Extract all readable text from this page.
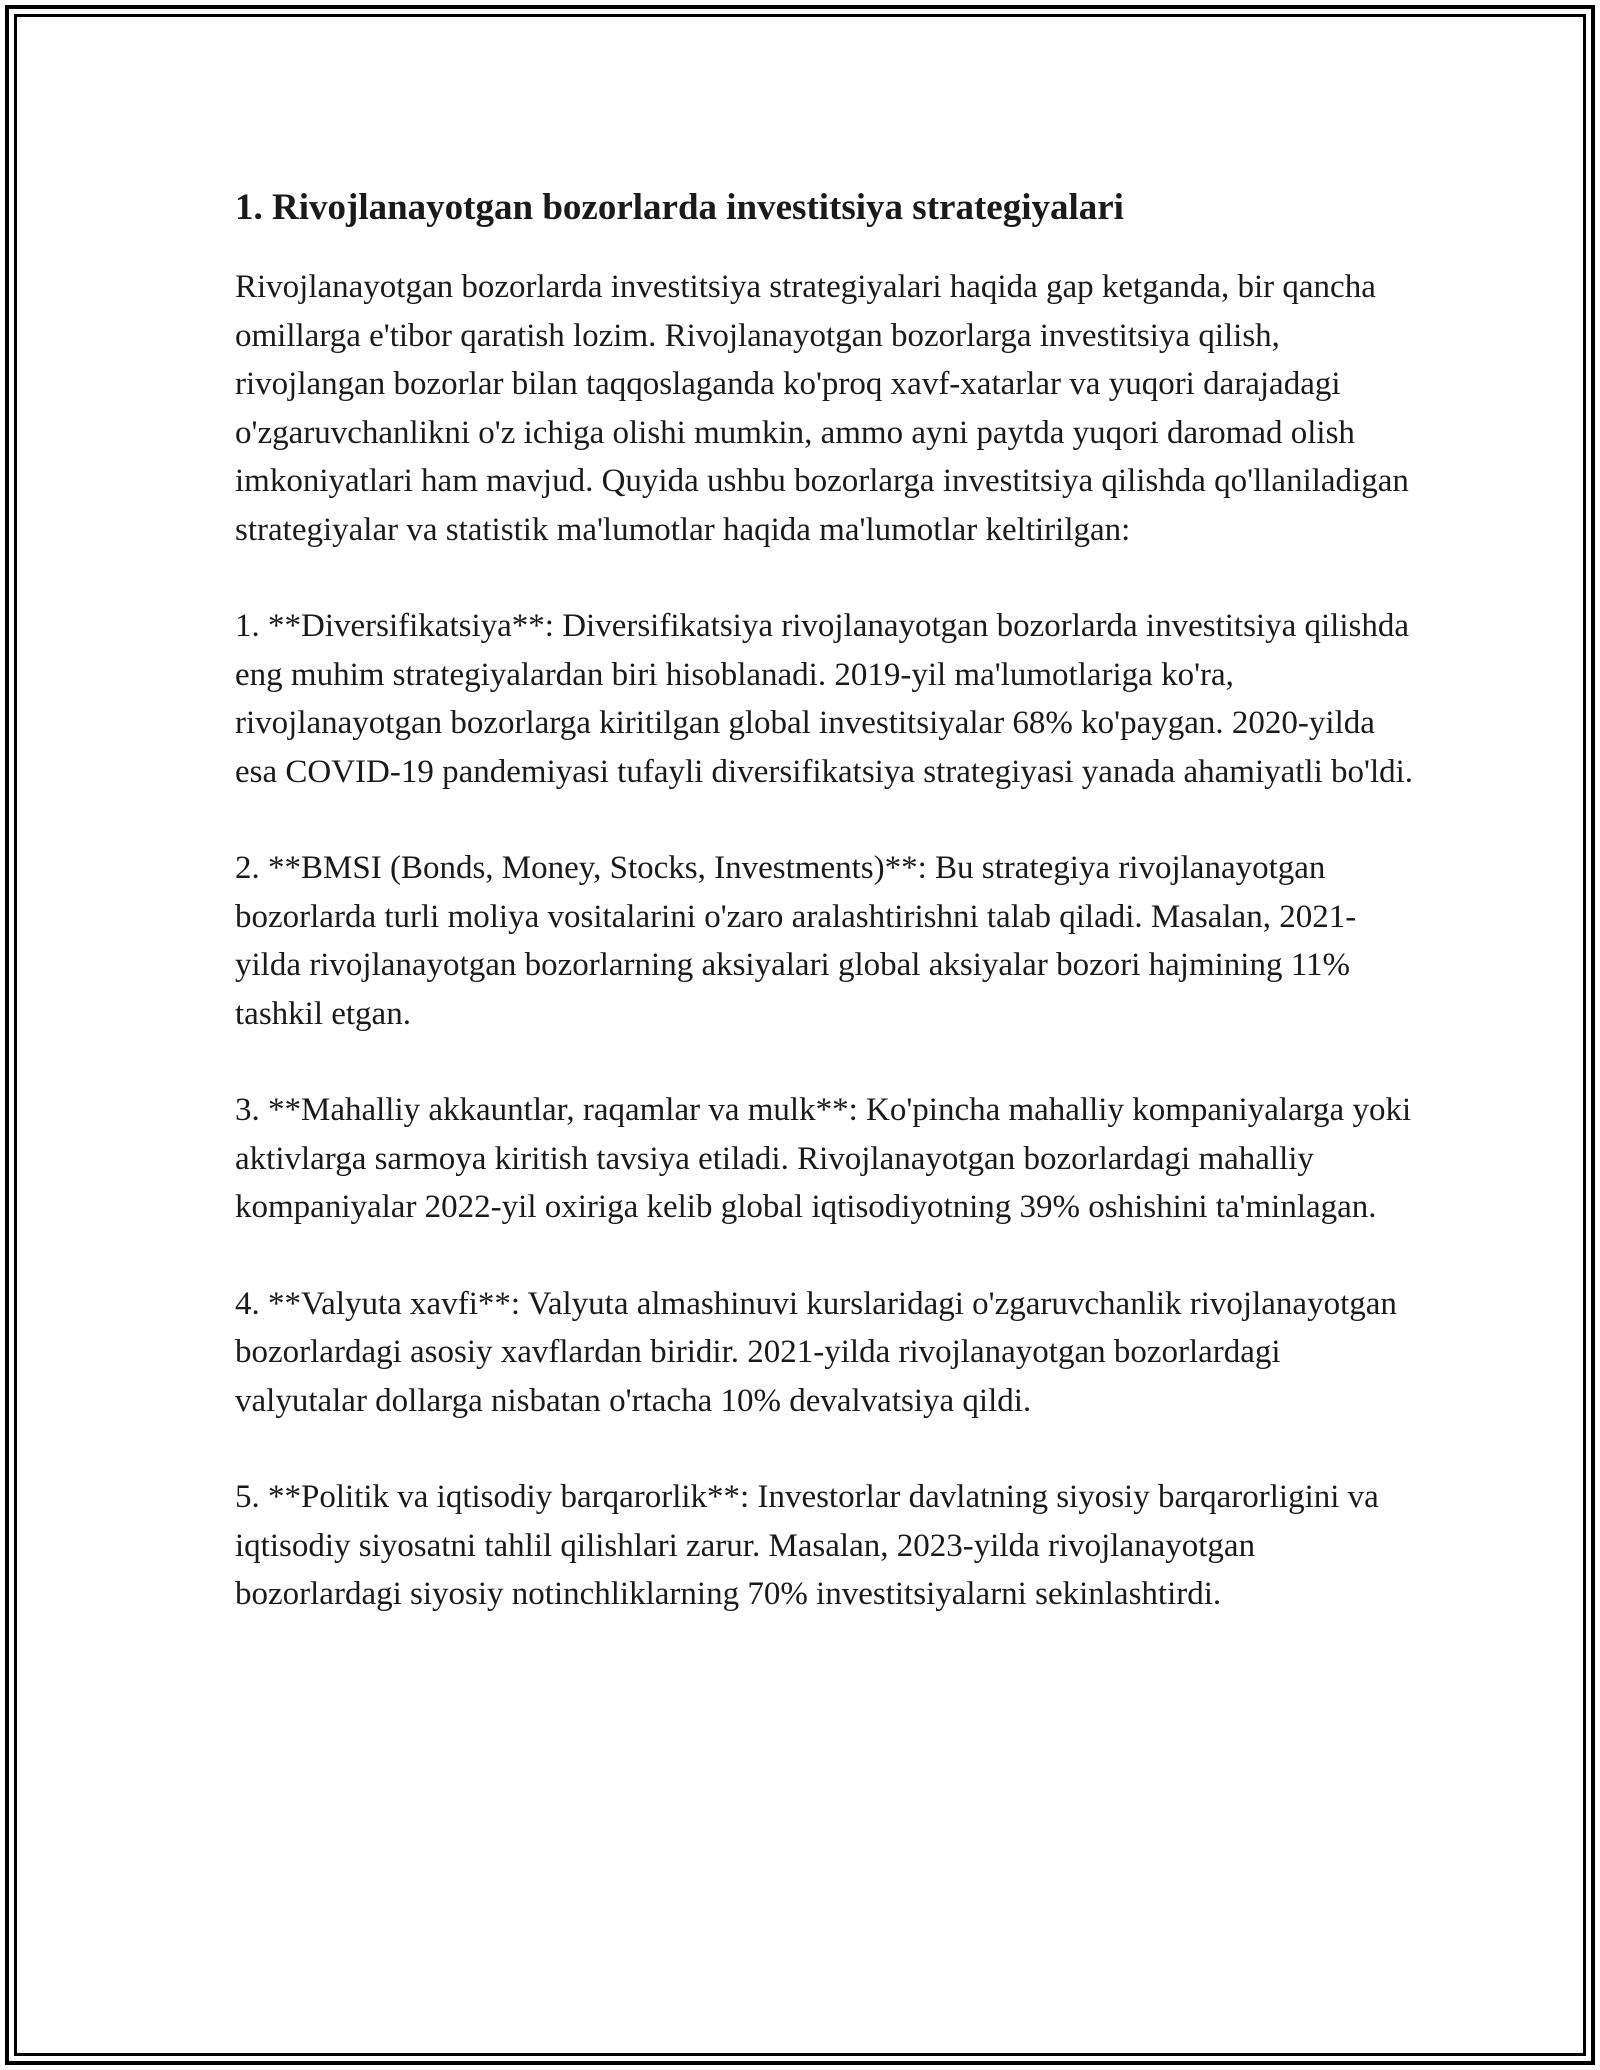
1. Rivojlanayotgan bozorlarda investitsiya strategiyalari

Rivojlanayotgan bozorlarda investitsiya strategiyalari haqida gap ketganda, bir qancha omillarga e'tibor qaratish lozim. Rivojlanayotgan bozorlarga investitsiya qilish, rivojlangan bozorlar bilan taqqoslaganda ko'proq xavf-xatarlar va yuqori darajadagi o'zgaruvchanlikni o'z ichiga olishi mumkin, ammo ayni paytda yuqori daromad olish imkoniyatlari ham mavjud. Quyida ushbu bozorlarga investitsiya qilishda qo'llaniladigan strategiyalar va statistik ma'lumotlar haqida ma'lumotlar keltirilgan:

1. **Diversifikatsiya**: Diversifikatsiya rivojlanayotgan bozorlarda investitsiya qilishda eng muhim strategiyalardan biri hisoblanadi. 2019-yil ma'lumotlariga ko'ra, rivojlanayotgan bozorlarga kiritilgan global investitsiyalar 68% ko'paygan. 2020-yilda esa COVID-19 pandemiyasi tufayli diversifikatsiya strategiyasi yanada ahamiyatli bo'ldi.

2. **BMSI (Bonds, Money, Stocks, Investments)**: Bu strategiya rivojlanayotgan bozorlarda turli moliya vositalarini o'zaro aralashtirishni talab qiladi. Masalan, 2021-yilda rivojlanayotgan bozorlarning aksiyalari global aksiyalar bozori hajmining 11% tashkil etgan.

3. **Mahalliy akkauntlar, raqamlar va mulk**: Ko'pincha mahalliy kompaniyalarga yoki aktivlarga sarmoya kiritish tavsiya etiladi. Rivojlanayotgan bozorlardagi mahalliy kompaniyalar 2022-yil oxiriga kelib global iqtisodiyotning 39% oshishini ta'minlagan.

4. **Valyuta xavfi**: Valyuta almashinuvi kurslaridagi o'zgaruvchanlik rivojlanayotgan bozorlardagi asosiy xavflardan biridir. 2021-yilda rivojlanayotgan bozorlardagi valyutalar dollarga nisbatan o'rtacha 10% devalvatsiya qildi.

5. **Politik va iqtisodiy barqarorlik**: Investorlar davlatning siyosiy barqarorligini va iqtisodiy siyosatni tahlil qilishlari zarur. Masalan, 2023-yilda rivojlanayotgan bozorlardagi siyosiy notinchliklarning 70% investitsiyalarni sekinlashtirdi.
